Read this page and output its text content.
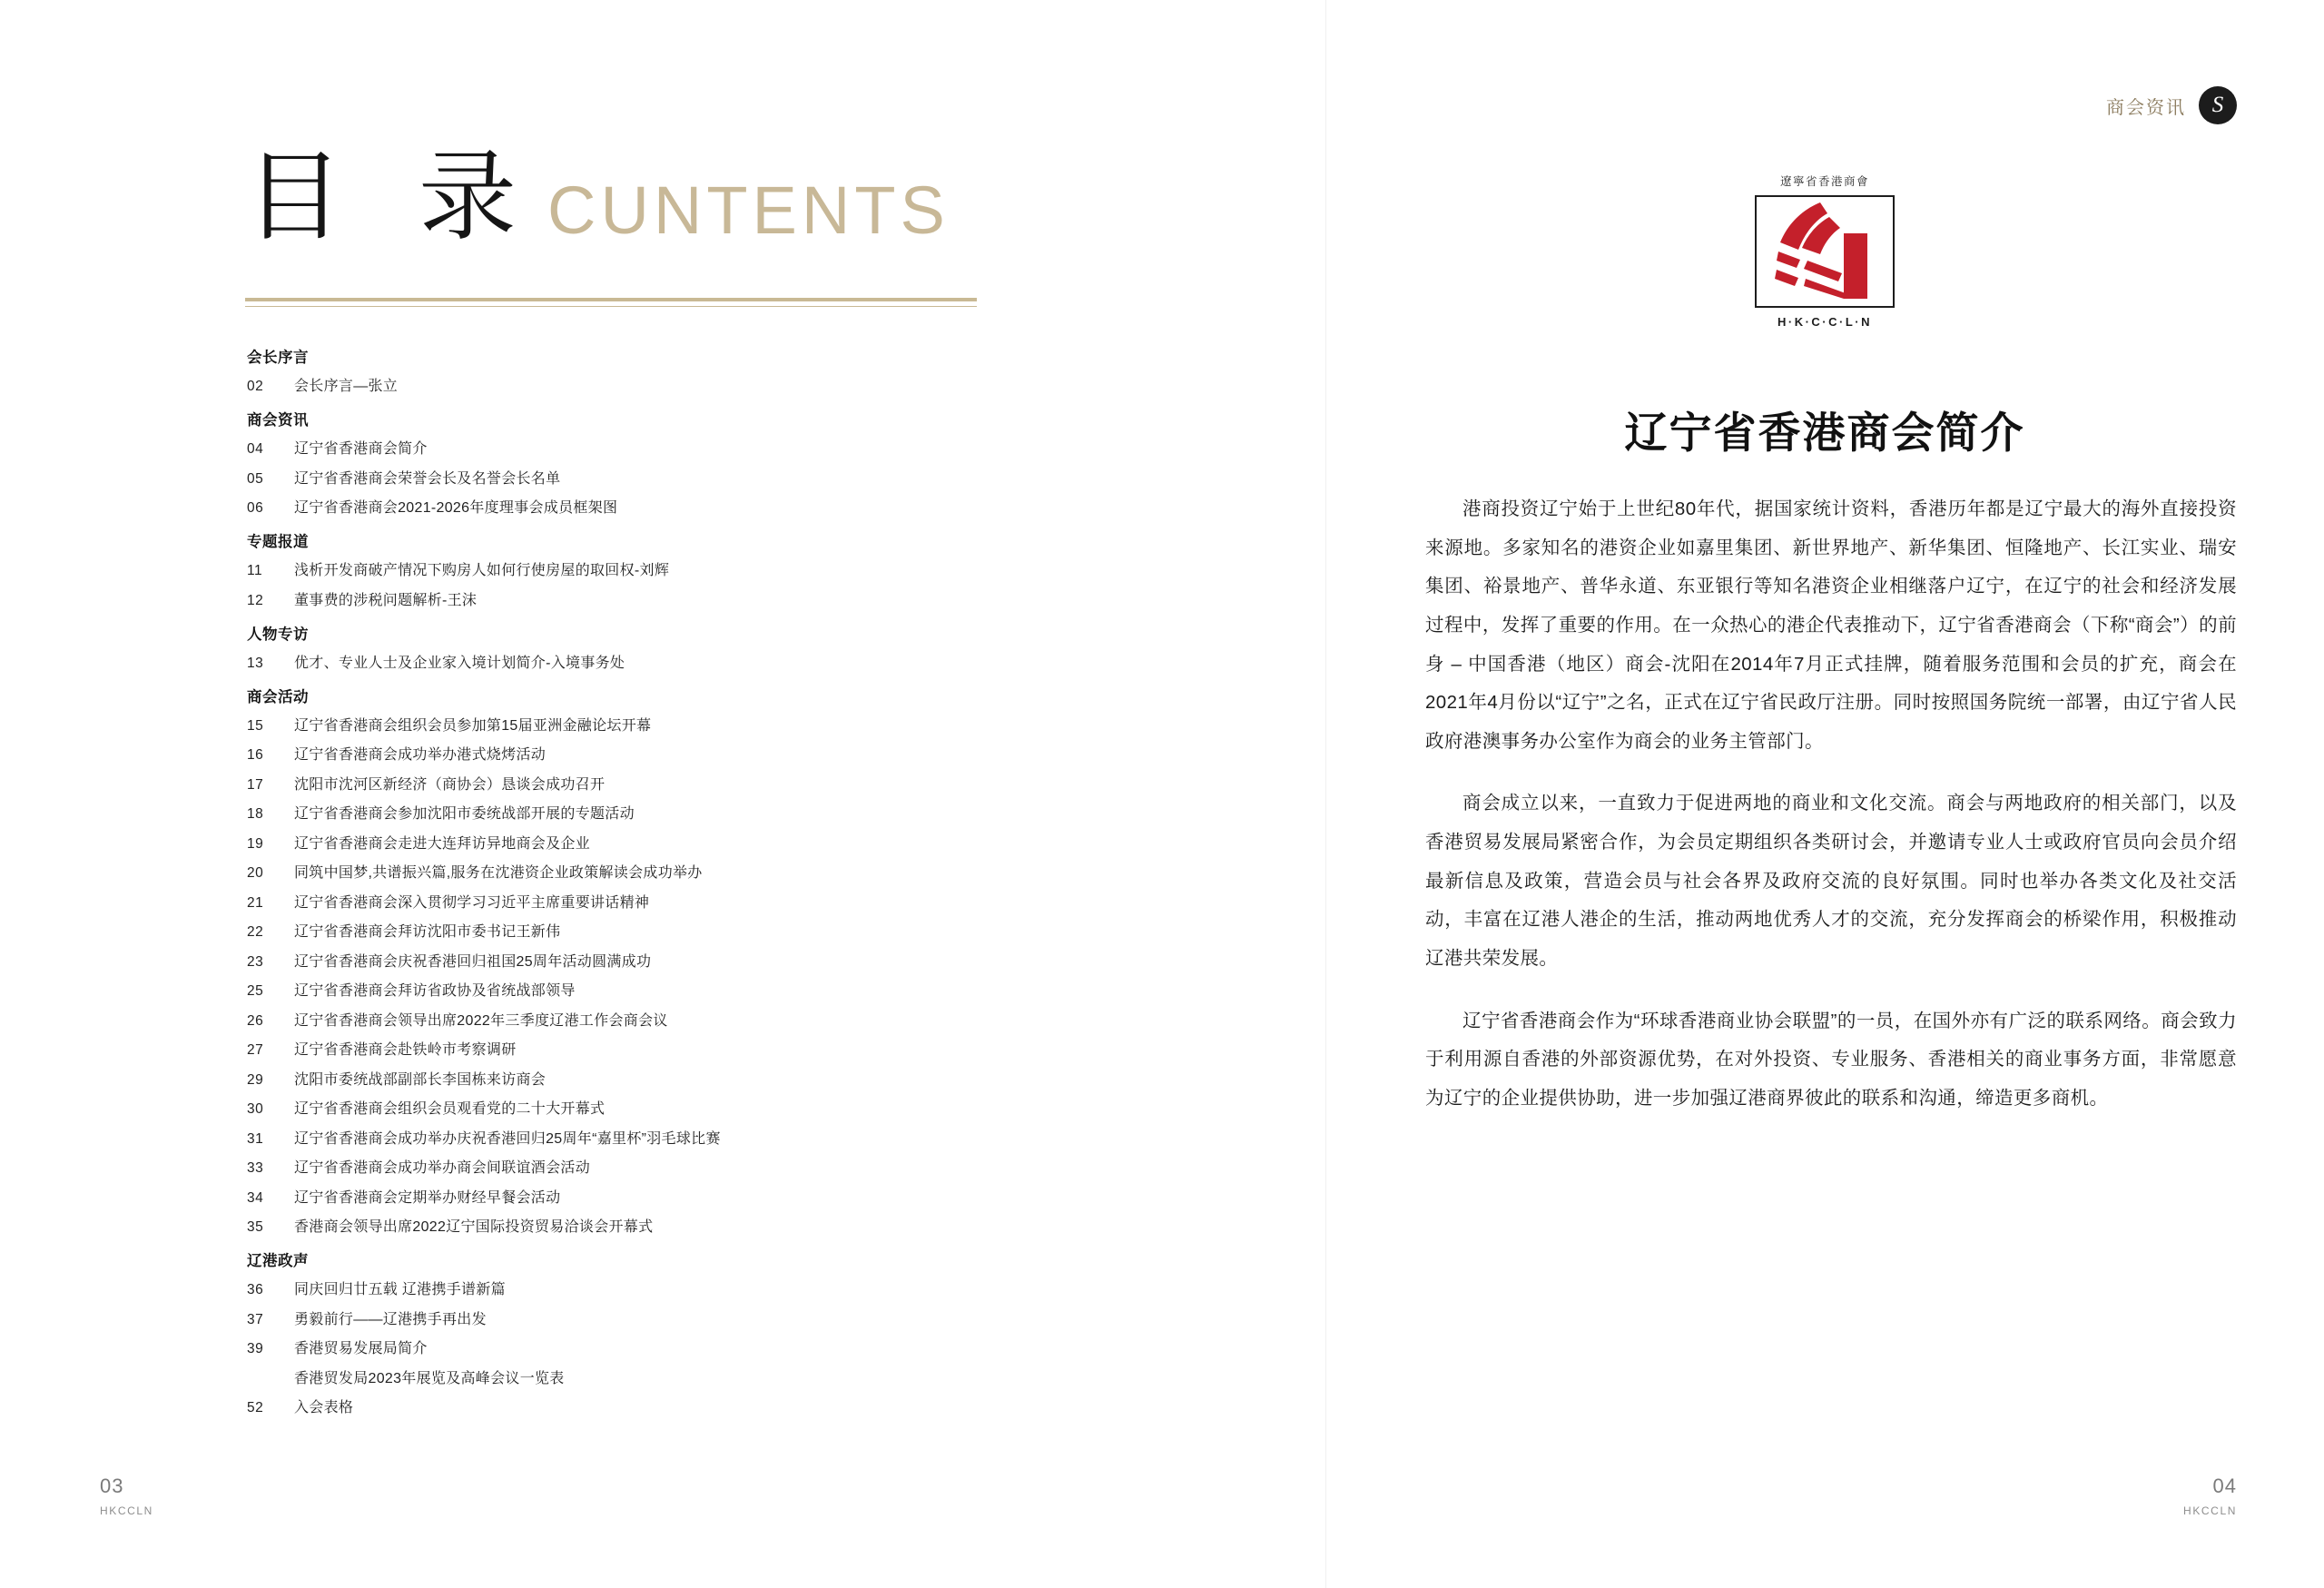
目 录 CUNTENTS
会长序言
02	会长序言—张立
商会资讯
04	辽宁省香港商会简介
05	辽宁省香港商会荣誉会长及名誉会长名单
06	辽宁省香港商会2021-2026年度理事会成员框架图
专题报道
11	浅析开发商破产情况下购房人如何行使房屋的取回权-刘辉
12	董事费的涉税问题解析-王沫
人物专访
13	优才、专业人士及企业家入境计划简介-入境事务处
商会活动
15	辽宁省香港商会组织会员参加第15届亚洲金融论坛开幕
16	辽宁省香港商会成功举办港式烧烤活动
17	沈阳市沈河区新经济（商协会）恳谈会成功召开
18	辽宁省香港商会参加沈阳市委统战部开展的专题活动
19	辽宁省香港商会走进大连拜访异地商会及企业
20	同筑中国梦,共谱振兴篇,服务在沈港资企业政策解读会成功举办
21	辽宁省香港商会深入贯彻学习习近平主席重要讲话精神
22	辽宁省香港商会拜访沈阳市委书记王新伟
23	辽宁省香港商会庆祝香港回归祖国25周年活动圆满成功
25	辽宁省香港商会拜访省政协及省统战部领导
26	辽宁省香港商会领导出席2022年三季度辽港工作会商会议
27	辽宁省香港商会赴铁岭市考察调研
29	沈阳市委统战部副部长李国栋来访商会
30	辽宁省香港商会组织会员观看党的二十大开幕式
31	辽宁省香港商会成功举办庆祝香港回归25周年“嘉里杯”羽毛球比赛
33	辽宁省香港商会成功举办商会间联谊酒会活动
34	辽宁省香港商会定期举办财经早餐会活动
35	香港商会领导出席2022辽宁国际投资贸易洽谈会开幕式
辽港政声
36	同庆回归廿五载 辽港携手谱新篇
37	勇毅前行——辽港携手再出发
39	香港贸易发展局简介
香港贸发局2023年展览及高峰会议一览表
52	入会表格
03
HKCCLN
商会资讯	S
遼寧省香港商會
H·K·C·C·L·N
辽宁省香港商会简介

港商投资辽宁始于上世纪80年代，据国家统计资料，香港历年都是辽宁最大的海外直接投资来源地。多家知名的港资企业如嘉里集团、新世界地产、新华集团、恒隆地产、长江实业、瑞安集团、裕景地产、普华永道、东亚银行等知名港资企业相继落户辽宁，在辽宁的社会和经济发展过程中，发挥了重要的作用。在一众热心的港企代表推动下，辽宁省香港商会（下称“商会”）的前身 – 中国香港（地区）商会-沈阳在2014年7月正式挂牌，随着服务范围和会员的扩充，商会在2021年4月份以“辽宁”之名，正式在辽宁省民政厅注册。同时按照国务院统一部署，由辽宁省人民政府港澳事务办公室作为商会的业务主管部门。

商会成立以来，一直致力于促进两地的商业和文化交流。商会与两地政府的相关部门，以及香港贸易发展局紧密合作，为会员定期组织各类研讨会，并邀请专业人士或政府官员向会员介绍最新信息及政策，营造会员与社会各界及政府交流的良好氛围。同时也举办各类文化及社交活动，丰富在辽港人港企的生活，推动两地优秀人才的交流，充分发挥商会的桥梁作用，积极推动辽港共荣发展。

辽宁省香港商会作为“环球香港商业协会联盟”的一员，在国外亦有广泛的联系网络。商会致力于利用源自香港的外部资源优势，在对外投资、专业服务、香港相关的商业事务方面，非常愿意为辽宁的企业提供协助，进一步加强辽港商界彼此的联系和沟通，缔造更多商机。

04
HKCCLN
